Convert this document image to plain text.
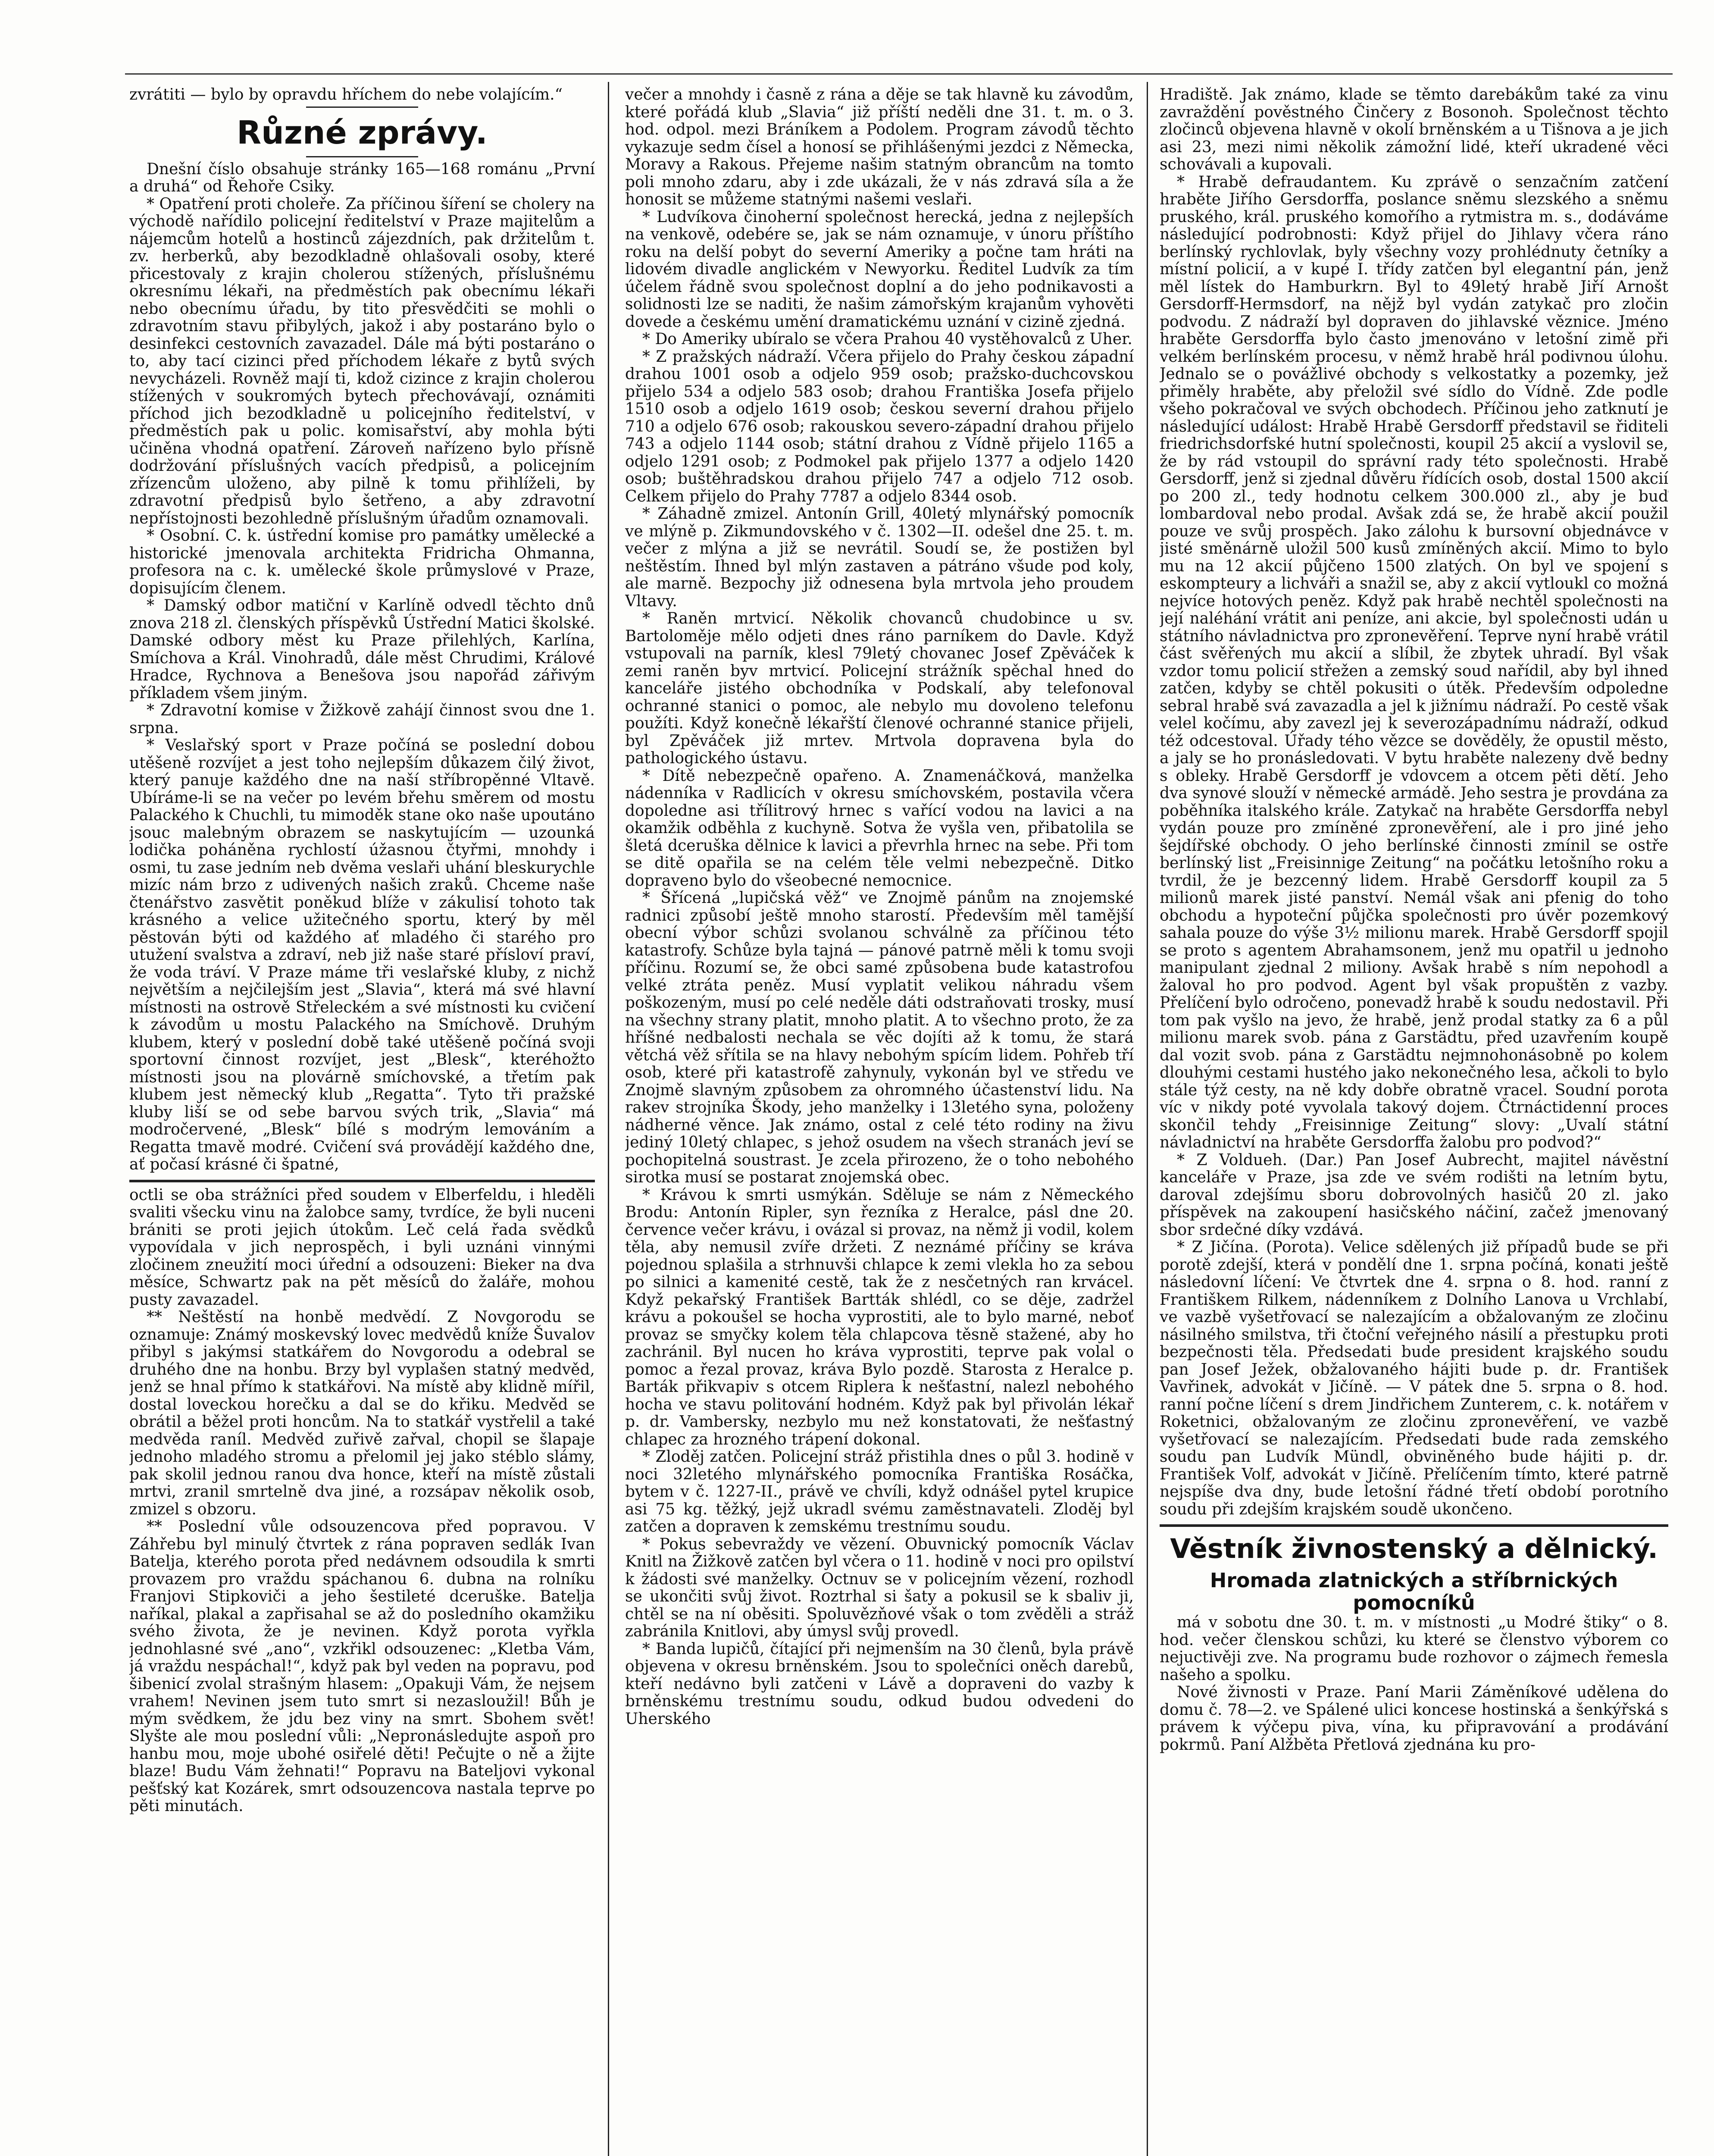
zvrátiti — bylo by opravdu hříchem do nebe volajícím.“

Různé zprávy.

Dnešní číslo obsahuje stránky 165—168 románu „První a druhá“ od Řehoře Csiky.

* Opatření proti choleře. Za příčinou šíření se cholery na východě nařídilo policejní ředitelství v Praze majitelům a nájemcům hotelů a hostinců zájezdních, pak držitelům t. zv. herberků, aby bezodkladně ohlašovali osoby, které přicestovaly z krajin cholerou stížených, příslušnému okresnímu lékaři, na předměstích pak obecnímu lékaři nebo obecnímu úřadu, by tito přesvědčiti se mohli o zdravotním stavu přibylých, jakož i aby postaráno bylo o desinfekci cestovních zavazadel. Dále má býti postaráno o to, aby tací cizinci před příchodem lékaře z bytů svých nevycházeli. Rovněž mají ti, kdož cizince z krajin cholerou stížených v soukromých bytech přechovávají, oznámiti příchod jich bezodkladně u policejního ředitelství, v předměstích pak u polic. komisařství, aby mohla býti učiněna vhodná opatření. Zároveň nařízeno bylo přísně dodržování příslušných vacích předpisů, a policejním zřízencům uloženo, aby pilně k tomu přihlíželi, by zdravotní předpisů bylo šetřeno, a aby zdravotní nepřístojnosti bezohledně příslušným úřadům oznamovali.

* Osobní. C. k. ústřední komise pro památky umělecké a historické jmenovala architekta Fridricha Ohmanna, profesora na c. k. umělecké škole průmyslové v Praze, dopisujícím členem.

* Damský odbor matiční v Karlíně odvedl těchto dnů znova 218 zl. členských příspěvků Ústřední Matici školské. Damské odbory měst ku Praze přilehlých, Karlína, Smíchova a Král. Vinohradů, dále měst Chrudimi, Králové Hradce, Rychnova a Benešova jsou napořád zářivým příkladem všem jiným.

* Zdravotní komise v Žižkově zahájí činnost svou dne 1. srpna.

* Veslařský sport v Praze počíná se poslední dobou utěšeně rozvíjet a jest toho nejlepším důkazem čilý život, který panuje každého dne na naší stříbropěnné Vltavě. Ubíráme-li se na večer po levém břehu směrem od mostu Palackého k Chuchli, tu mimoděk stane oko naše upoutáno jsouc malebným obrazem se naskytujícím — uzounká lodička poháněna rychlostí úžasnou čtyřmi, mnohdy i osmi, tu zase jedním neb dvěma veslaři uhání bleskurychle mizíc nám brzo z udivených našich zraků. Chceme naše čtenářstvo zasvětit poněkud blíže v zákulisí tohoto tak krásného a velice užitečného sportu, který by měl pěstován býti od každého ať mladého či starého pro utužení svalstva a zdraví, neb již naše staré přísloví praví, že voda tráví. V Praze máme tři veslařské kluby, z nichž největším a nejčilejším jest „Slavia“, která má své hlavní místnosti na ostrově Střeleckém a své místnosti ku cvičení k závodům u mostu Palackého na Smíchově. Druhým klubem, který v poslední době také utěšeně počíná svoji sportovní činnost rozvíjet, jest „Blesk“, kteréhožto místnosti jsou na plovárně smíchovské, a třetím pak klubem jest německý klub „Regatta“. Tyto tři pražské kluby liší se od sebe barvou svých trik, „Slavia“ má modročervené, „Blesk“ bílé s modrým lemováním a Regatta tmavě modré. Cvičení svá provádějí každého dne, ať počasí krásné či špatné,

octli se oba strážníci před soudem v Elberfeldu, i hleděli svaliti všecku vinu na žalobce samy, tvrdíce, že byli nuceni brániti se proti jejich útokům. Leč celá řada svědků vypovídala v jich neprospěch, i byli uznáni vinnými zločinem zneužití moci úřední a odsouzeni: Bieker na dva měsíce, Schwartz pak na pět měsíců do žaláře, mohou pusty zavazadel.

** Neštěstí na honbě medvědí. Z Novgorodu se oznamuje: Známý moskevský lovec medvědů kníže Šuvalov přibyl s jakýmsi statkářem do Novgorodu a odebral se druhého dne na honbu. Brzy byl vyplašen statný medvěd, jenž se hnal přímo k statkářovi. Na místě aby klidně mířil, dostal loveckou horečku a dal se do křiku. Medvěd se obrátil a běžel proti honcům. Na to statkář vystřelil a také medvěda raníl. Medvěd zuřivě zařval, chopil se šlapaje jednoho mladého stromu a přelomil jej jako stéblo slámy, pak skolil jednou ranou dva honce, kteří na místě zůstali mrtvi, zranil smrtelně dva jiné, a rozsápav několik osob, zmizel s obzoru.

** Poslední vůle odsouzencova před popravou. V Záhřebu byl minulý čtvrtek z rána popraven sedlák Ivan Batelja, kterého porota před nedávnem odsoudila k smrti provazem pro vraždu spáchanou 6. dubna na rolníku Franjovi Stipkoviči a jeho šestileté dceruške. Batelja naříkal, plakal a zapřisahal se až do posledního okamžiku svého života, že je nevinen. Když porota vyřkla jednohlasné své „ano“, vzkřikl odsouzenec: „Kletba Vám, já vraždu nespáchal!“, když pak byl veden na popravu, pod šibenicí zvolal strašným hlasem: „Opakuji Vám, že nejsem vrahem! Nevinen jsem tuto smrt si nezasloužil! Bůh je mým svědkem, že jdu bez viny na smrt. Sbohem svět! Slyšte ale mou poslední vůli: „Nepronásledujte aspoň pro hanbu mou, moje ubohé osiřelé děti! Pečujte o ně a žijte blaze! Budu Vám žehnati!“ Popravu na Bateljovi vykonal pešťský kat Kozárek, smrt odsouzencova nastala teprve po pěti minutách.

večer a mnohdy i časně z rána a děje se tak hlavně ku závodům, které pořádá klub „Slavia“ již příští neděli dne 31. t. m. o 3. hod. odpol. mezi Bráníkem a Podolem. Program závodů těchto vykazuje sedm čísel a honosí se přihlášenými jezdci z Německa, Moravy a Rakous. Přejeme našim statným obrancům na tomto poli mnoho zdaru, aby i zde ukázali, že v nás zdravá síla a že honosit se můžeme statnými našemi veslaři.

* Ludvíkova činoherní společnost herecká, jedna z nejlepších na venkově, odebére se, jak se nám oznamuje, v únoru příštího roku na delší pobyt do severní Ameriky a počne tam hráti na lidovém divadle anglickém v Newyorku. Ředitel Ludvík za tím účelem řádně svou společnost doplní a do jeho podnikavosti a solidnosti lze se naditi, že našim zámořským krajanům vyhověti dovede a českému umění dramatickému uznání v cizině zjedná.

* Do Ameriky ubíralo se včera Prahou 40 vystěhovalců z Uher.

* Z pražských nádraží. Včera přijelo do Prahy českou západní drahou 1001 osob a odjelo 959 osob; pražsko-duchcovskou přijelo 534 a odjelo 583 osob; drahou Františka Josefa přijelo 1510 osob a odjelo 1619 osob; českou severní drahou přijelo 710 a odjelo 676 osob; rakouskou severo-západní drahou přijelo 743 a odjelo 1144 osob; státní drahou z Vídně přijelo 1165 a odjelo 1291 osob; z Podmokel pak přijelo 1377 a odjelo 1420 osob; buštěhradskou drahou přijelo 747 a odjelo 712 osob. Celkem přijelo do Prahy 7787 a odjelo 8344 osob.

* Záhadně zmizel. Antonín Grill, 40letý mlynářský pomocník ve mlýně p. Zikmundovského v č. 1302—II. odešel dne 25. t. m. večer z mlýna a již se nevrátil. Soudí se, že postižen byl neštěstím. Ihned byl mlýn zastaven a pátráno všude pod koly, ale marně. Bezpochy již odnesena byla mrtvola jeho proudem Vltavy.

* Raněn mrtvicí. Několik chovanců chudobince u sv. Bartoloměje mělo odjeti dnes ráno parníkem do Davle. Když vstupovali na parník, klesl 79letý chovanec Josef Zpěváček k zemi raněn byv mrtvicí. Policejní strážník spěchal hned do kanceláře jistého obchodníka v Podskalí, aby telefonoval ochranné stanici o pomoc, ale nebylo mu dovoleno telefonu použíti. Když konečně lékařští členové ochranné stanice přijeli, byl Zpěváček již mrtev. Mrtvola dopravena byla do pathologického ústavu.

* Dítě nebezpečně opařeno. A. Znamenáčková, manželka nádenníka v Radlicích v okresu smíchovském, postavila včera dopoledne asi třílitrový hrnec s vařící vodou na lavici a na okamžik odběhla z kuchyně. Sotva že vyšla ven, přibatolila se šletá dceruška dělnice k lavici a převrhla hrnec na sebe. Při tom se ditě opařila se na celém těle velmi nebezpečně. Ditko dopraveno bylo do všeobecné nemocnice.

* Šřícená „lupičská věž“ ve Znojmě pánům na znojemské radnici způsobí ještě mnoho starostí. Především měl tamější obecní výbor schůzi svolanou schválně za příčinou této katastrofy. Schůze byla tajná — pánové patrně měli k tomu svoji příčinu. Rozumí se, že obci samé způsobena bude katastrofou velké ztráta peněz. Musí vyplatit velikou náhradu všem poškozeným, musí po celé neděle dáti odstraňovati trosky, musí na všechny strany platit, mnoho platit. A to všechno proto, že za hříšné nedbalosti nechala se věc dojíti až k tomu, že stará větchá věž sřítila se na hlavy nebohým spícím lidem. Pohřeb tří osob, které při katastrofě zahynuly, vykonán byl ve středu ve Znojmě slavným způsobem za ohromného účastenství lidu. Na rakev strojníka Škody, jeho manželky i 13letého syna, položeny nádherné věnce. Jak známo, ostal z celé této rodiny na živu jediný 10letý chlapec, s jehož osudem na všech stranách jeví se pochopitelná soustrast. Je zcela přirozeno, že o toho nebohého sirotka musí se postarat znojemská obec.

* Krávou k smrti usmýkán. Sděluje se nám z Německého Brodu: Antonín Ripler, syn řezníka z Heralce, pásl dne 20. července večer krávu, i ovázal si provaz, na němž ji vodil, kolem těla, aby nemusil zvíře držeti. Z neznámé příčiny se kráva pojednou splašila a strhnuvši chlapce k zemi vlekla ho za sebou po silnici a kamenité cestě, tak že z nesčetných ran krvácel. Když pekařský František Bartták shlédl, co se děje, zadržel krávu a pokoušel se hocha vyprostiti, ale to bylo marné, neboť provaz se smyčky kolem těla chlapcova těsně stažené, aby ho zachránil. Byl nucen ho kráva vyprostiti, teprve pak volal o pomoc a řezal provaz, kráva Bylo pozdě. Starosta z Heralce p. Barták přikvapiv s otcem Riplera k nešťastní, nalezl nebohého hocha ve stavu politování hodném. Když pak byl přivolán lékař p. dr. Vambersky, nezbylo mu než konstatovati, že nešťastný chlapec za hrozného trápení dokonal.

* Zloděj zatčen. Policejní stráž přistihla dnes o půl 3. hodině v noci 32letého mlynářského pomocníka Františka Rosáčka, bytem v č. 1227-II., právě ve chvíli, když odnášel pytel krupice asi 75 kg. těžký, jejž ukradl svému zaměstnavateli. Zloděj byl zatčen a dopraven k zemskému trestnímu soudu.

* Pokus sebevraždy ve vězení. Obuvnický pomocník Václav Knitl na Žižkově zatčen byl včera o 11. hodině v noci pro opilství k žádosti své manželky. Octnuv se v policejním vězení, rozhodl se ukončiti svůj život. Roztrhal si šaty a pokusil se k sbaliv ji, chtěl se na ní oběsiti. Spoluvězňové však o tom zvěděli a stráž zabránila Knitlovi, aby úmysl svůj provedl.

* Banda lupičů, čítající při nejmenším na 30 členů, byla právě objevena v okresu brněnském. Jsou to společníci oněch darebů, kteří nedávno byli zatčeni v Lávě a dopraveni do vazby k brněnskému trestnímu soudu, odkud budou odvedeni do Uherského

Hradiště. Jak známo, klade se těmto darebákům také za vinu zavraždění pověstného Činčery z Bosonoh. Společnost těchto zločinců objevena hlavně v okolí brněnském a u Tišnova a je jich asi 23, mezi nimi několik zámožní lidé, kteří ukradené věci schovávali a kupovali.

* Hrabě defraudantem. Ku zprávě o senzačním zatčení hraběte Jiřího Gersdorffa, poslance sněmu slezského a sněmu pruského, král. pruského komořího a rytmistra m. s., dodáváme následující podrobnosti: Když přijel do Jihlavy včera ráno berlínský rychlovlak, byly všechny vozy prohlédnuty četníky a místní policií, a v kupé I. třídy zatčen byl elegantní pán, jenž měl lístek do Hamburkrn. Byl to 49letý hrabě Jiří Arnošt Gersdorff-Hermsdorf, na nějž byl vydán zatykač pro zločin podvodu. Z nádraží byl dopraven do jihlavské věznice. Jméno hraběte Gersdorffa bylo často jmenováno v letošní zimě při velkém berlínském procesu, v němž hrabě hrál podivnou úlohu. Jednalo se o povážlivé obchody s velkostatky a pozemky, jež přiměly hraběte, aby přeložil své sídlo do Vídně. Zde podle všeho pokračoval ve svých obchodech. Příčinou jeho zatknutí je následující událost: Hrabě Hrabě Gersdorff představil se řiditeli friedrichsdorfské hutní společnosti, koupil 25 akcií a vyslovil se, že by rád vstoupil do správní rady této společnosti. Hrabě Gersdorff, jenž si zjednal důvěru řídících osob, dostal 1500 akcií po 200 zl., tedy hodnotu celkem 300.000 zl., aby je buď lombardoval nebo prodal. Avšak zdá se, že hrabě akcií použil pouze ve svůj prospěch. Jako zálohu k bursovní objednávce v jisté směnárně uložil 500 kusů zmíněných akcií. Mimo to bylo mu na 12 akcií půjčeno 1500 zlatých. On byl ve spojení s eskompteury a lichváři a snažil se, aby z akcií vytloukl co možná nejvíce hotových peněz. Když pak hrabě nechtěl společnosti na její naléhání vrátit ani peníze, ani akcie, byl společnosti udán u státního návladnictva pro zpronevěření. Teprve nyní hrabě vrátil část svěřených mu akcií a slíbil, že zbytek uhradí. Byl však vzdor tomu policií střežen a zemský soud nařídil, aby byl ihned zatčen, kdyby se chtěl pokusiti o útěk. Především odpoledne sebral hrabě svá zavazadla a jel k jižnímu nádraží. Po cestě však velel kočímu, aby zavezl jej k severozápadnímu nádraží, odkud též odcestoval. Úřady tého vězce se dověděly, že opustil město, a jaly se ho pronásledovati. V bytu hraběte nalezeny dvě bedny s obleky. Hrabě Gersdorff je vdovcem a otcem pěti dětí. Jeho dva synové slouží v německé armádě. Jeho sestra je provdána za poběhníka italského krále. Zatykač na hraběte Gersdorffa nebyl vydán pouze pro zmíněné zpronevěření, ale i pro jiné jeho šejdířské obchody. O jeho berlínské činnosti zmínil se ostře berlínský list „Freisinnige Zeitung“ na počátku letošního roku a tvrdil, že je bezcenný lidem. Hrabě Gersdorff koupil za 5 milionů marek jisté panství. Nemál však ani pfenig do toho obchodu a hypoteční půjčka společnosti pro úvěr pozemkový sahala pouze do výše 3½ milionu marek. Hrabě Gersdorff spojil se proto s agentem Abrahamsonem, jenž mu opatřil u jednoho manipulant zjednal 2 miliony. Avšak hrabě s ním nepohodl a žaloval ho pro podvod. Agent byl však propuštěn z vazby. Přelíčení bylo odročeno, ponevadž hrabě k soudu nedostavil. Při tom pak vyšlo na jevo, že hrabě, jenž prodal statky za 6 a půl milionu marek svob. pána z Garstädtu, před uzavřením koupě dal vozit svob. pána z Garstädtu nejmnohonásobně po kolem dlouhými cestami hustého jako nekonečného lesa, ačkoli to bylo stále týž cesty, na ně kdy dobře obratně vracel. Soudní porota víc v nikdy poté vyvolala takový dojem. Čtrnáctidenní proces skončil tehdy „Freisinnige Zeitung“ slovy: „Uvalí státní návladnictví na hraběte Gersdorffa žalobu pro podvod?“

* Z Voldueh. (Dar.) Pan Josef Aubrecht, majitel návěstní kanceláře v Praze, jsa zde ve svém rodišti na letním bytu, daroval zdejšímu sboru dobrovolných hasičů 20 zl. jako příspěvek na zakoupení hasičského náčiní, začež jmenovaný sbor srdečné díky vzdává.

* Z Jičína. (Porota). Velice sdělených již případů bude se při porotě zdejší, která v pondělí dne 1. srpna počíná, konati ještě následovní líčení: Ve čtvrtek dne 4. srpna o 8. hod. ranní z Františkem Rilkem, nádenníkem z Dolního Lanova u Vrchlabí, ve vazbě vyšetřovací se nalezajícím a obžalovaným ze zločinu násilného smilstva, tři čtoční veřejného násilí a přestupku proti bezpečnosti těla. Předsedati bude president krajského soudu pan Josef Ježek, obžalovaného hájiti bude p. dr. František Vavřinek, advokát v Jičíně. — V pátek dne 5. srpna o 8. hod. ranní počne líčení s drem Jindřichem Zunterem, c. k. notářem v Roketnici, obžalovaným ze zločinu zpronevěření, ve vazbě vyšetřovací se nalezajícím. Předsedati bude rada zemského soudu pan Ludvík Mündl, obviněného bude hájiti p. dr. František Volf, advokát v Jičíně. Přelíčením tímto, které patrně nejspíše dva dny, bude letošní řádné třetí období porotního soudu při zdejším krajském soudě ukončeno.

Věstník živnostenský a dělnický.
Hromada zlatnických a stříbrnických pomocníků

má v sobotu dne 30. t. m. v místnosti „u Modré štiky“ o 8. hod. večer členskou schůzi, ku které se členstvo výborem co nejuctivěji zve. Na programu bude rozhovor o zájmech řemesla našeho a spolku.

Nové živnosti v Praze. Paní Marii Záměníkové udělena do domu č. 78—2. ve Spálené ulici koncese hostinská a šenkýřská s právem k výčepu piva, vína, ku připravování a prodávání pokrmů. Paní Alžběta Přetlová zjednána ku pro-
